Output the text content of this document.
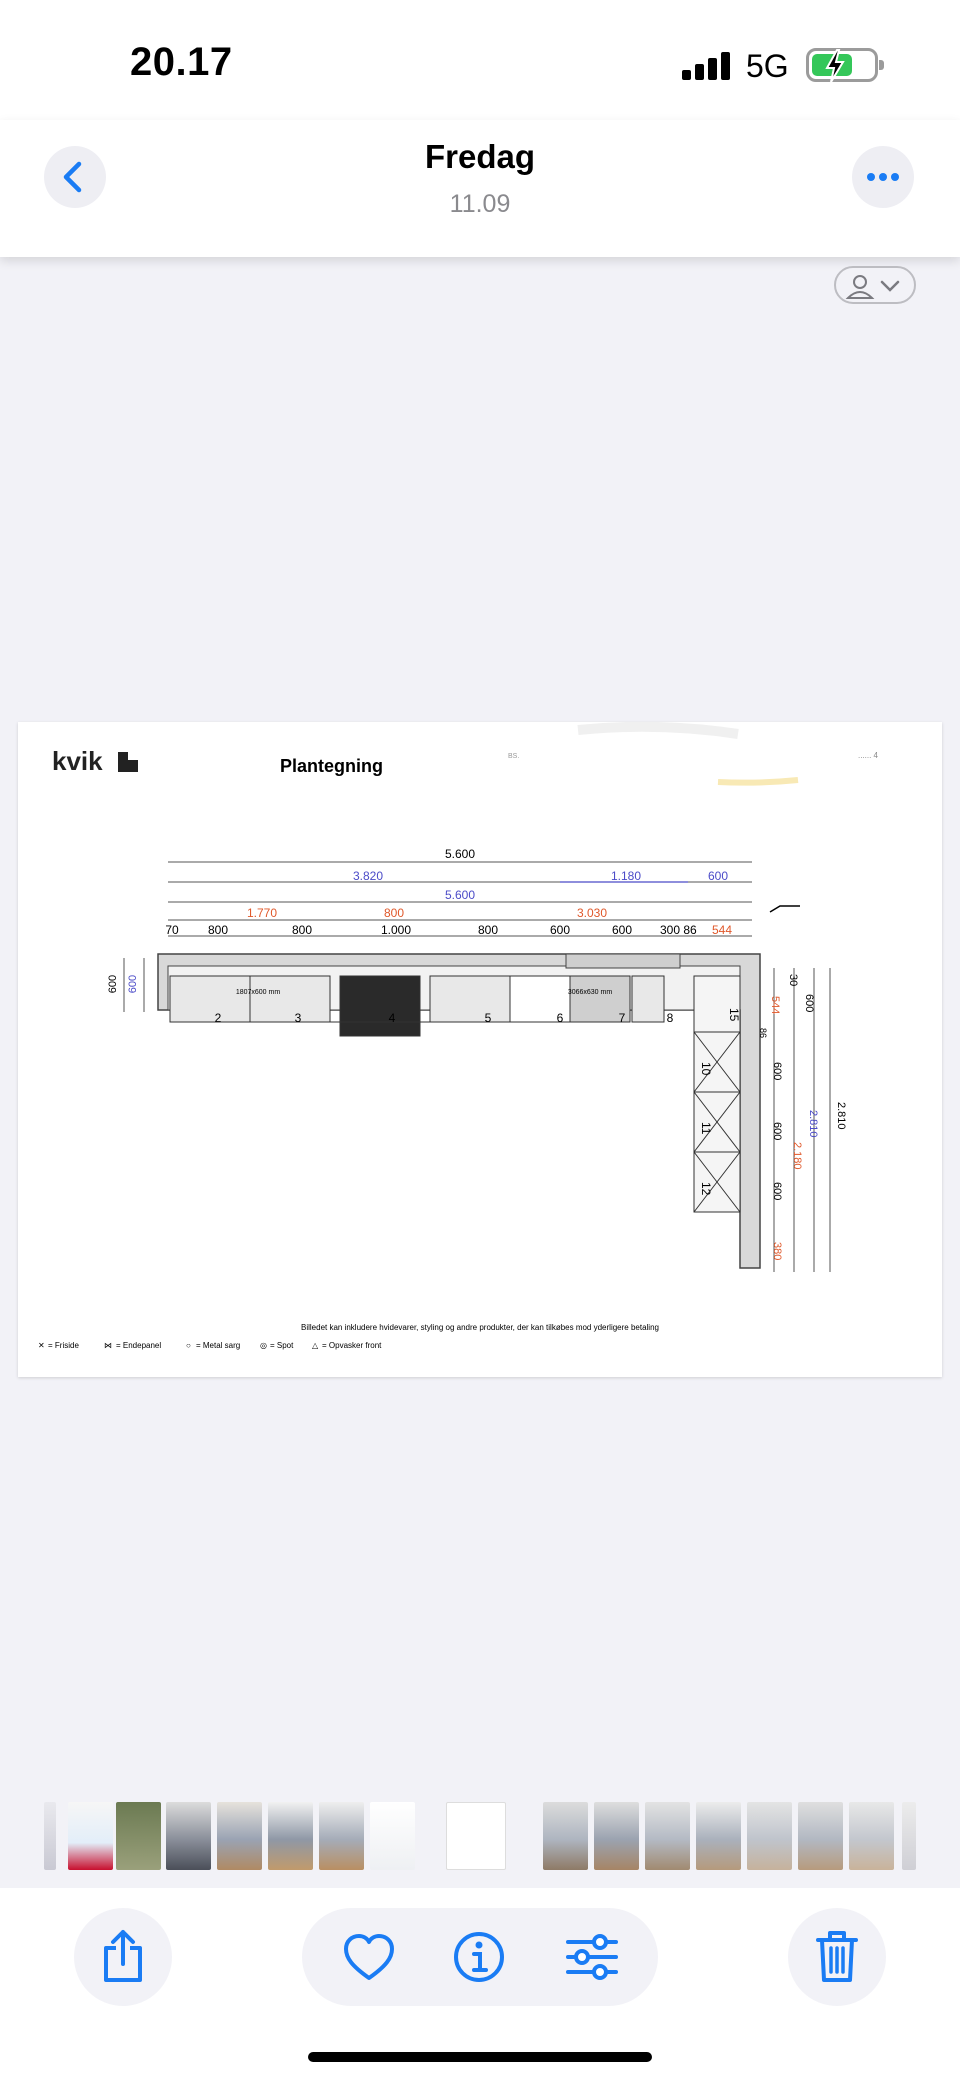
20.17	5G
Fredag
11.09
kvik	Plantegning	BS.	...... 4
5.600
3.820	1.180	600
5.600
1.770	800	3.030
544
70 800	800	1.000	800	600	600 300 86
1807x600 mm	3066x630 mm
2	3	4	5	6	7	8	15
10
11
12
600 600	30
600
544
86
600
600
600
380
2.810
2.180
2.810
Billedet kan inkludere hvidevarer, styling og andre produkter, der kan tilkøbes mod yderligere betaling
✕ = Friside	⋈ = Endepanel	○ = Metal sarg ◎ = Spot △ = Opvasker front
